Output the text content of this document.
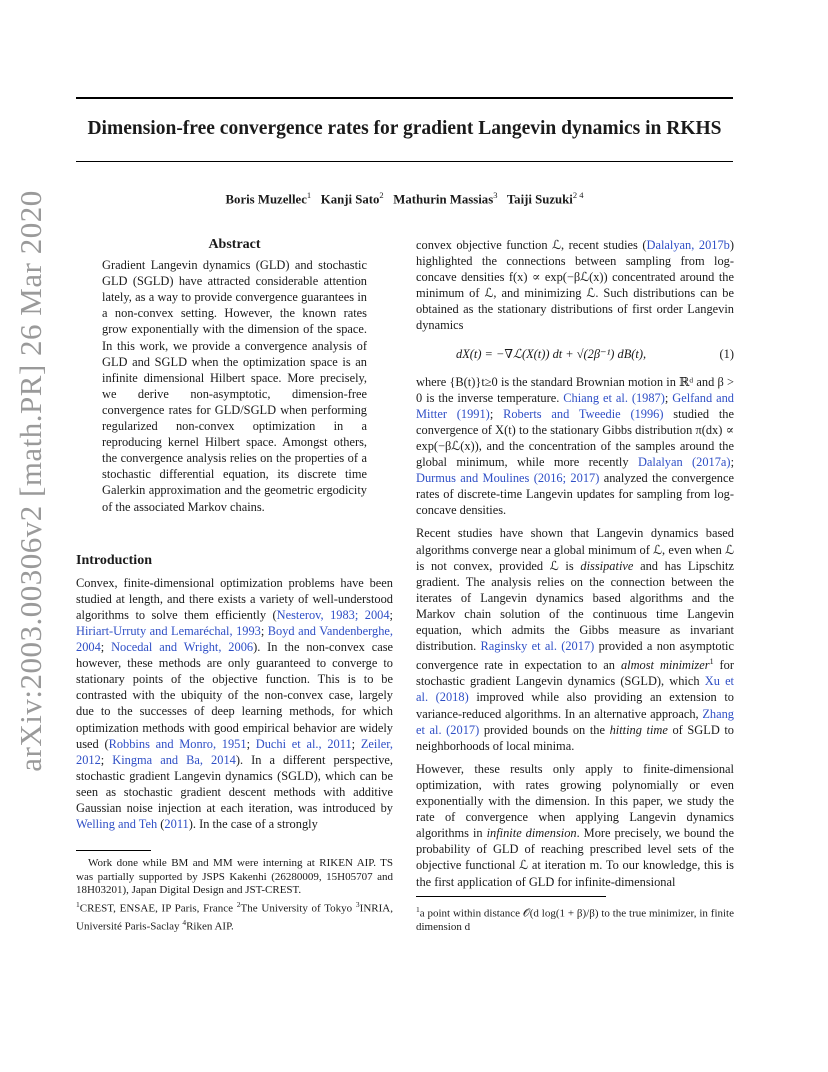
Dimension-free convergence rates for gradient Langevin dynamics in RKHS
Boris Muzellec$^1$ Kanji Sato$^2$ Mathurin Massias$^3$ Taiji Suzuki$^{2 4}$
arXiv:2003.00306v2 [math.PR] 26 Mar 2020	Abstract

Gradient Langevin dynamics (GLD) and stochastic GLD (SGLD) have attracted considerable attention lately, as a way to provide convergence guarantees in a non-convex setting. However, the known rates grow exponentially with the dimension of the space. In this work, we provide a convergence analysis of GLD and SGLD when the optimization space is an infinite dimensional Hilbert space. More precisely, we derive non-asymptotic, dimension-free convergence rates for GLD/SGLD when performing regularized non-convex optimization in a reproducing kernel Hilbert space. Amongst others, the convergence analysis relies on the properties of a stochastic differential equation, its discrete time Galerkin approximation and the geometric ergodicity of the associated Markov chains.

Introduction

Convex, finite-dimensional optimization problems have been studied at length, and there exists a variety of well-understood algorithms to solve them efficiently (Nesterov, 1983; 2004; Hiriart-Urruty and Lemaréchal, 1993; Boyd and Vandenberghe, 2004; Nocedal and Wright, 2006). In the non-convex case however, these methods are only guaranteed to converge to stationary points of the objective function. This is to be contrasted with the ubiquity of the non-convex case, largely due to the successes of deep learning methods, for which optimization methods with good empirical behavior are widely used (Robbins and Monro, 1951; Duchi et al., 2011; Zeiler, 2012; Kingma and Ba, 2014). In a different perspective, stochastic gradient Langevin dynamics (SGLD), which can be seen as stochastic gradient descent methods with additive Gaussian noise injection at each iteration, was introduced by Welling and Teh (2011). In the case of a strongly

Work done while BM and MM were interning at RIKEN AIP. TS was partially supported by JSPS Kakenhi (26280009, 15H05707 and 18H03201), Japan Digital Design and JST-CREST.
$^1$CREST, ENSAE, IP Paris, France $^2$The University of Tokyo $^3$INRIA, Université Paris-Saclay $^4$Riken AIP.

convex objective function ℒ, recent studies (Dalalyan, 2017b) highlighted the connections between sampling from log-concave densities f(x) ∝ exp(−βℒ(x)) concentrated around the minimum of ℒ, and minimizing ℒ. Such distributions can be obtained as the stationary distributions of first order Langevin dynamics

dX(t) = −∇ℒ(X(t)) dt + √(2β⁻¹) dB(t),	(1)

where {B(t)}t≥0 is the standard Brownian motion in ℝᵈ and β > 0 is the inverse temperature. Chiang et al. (1987); Gelfand and Mitter (1991); Roberts and Tweedie (1996) studied the convergence of X(t) to the stationary Gibbs distribution π(dx) ∝ exp(−βℒ(x)), and the concentration of the samples around the global minimum, while more recently Dalalyan (2017a); Durmus and Moulines (2016; 2017) analyzed the convergence rates of discrete-time Langevin updates for sampling from log-concave densities.

Recent studies have shown that Langevin dynamics based algorithms converge near a global minimum of ℒ, even when ℒ is not convex, provided ℒ is dissipative and has Lipschitz gradient. The analysis relies on the connection between the iterates of Langevin dynamics based algorithms and the Markov chain solution of the continuous time Langevin equation, which admits the Gibbs measure as invariant distribution. Raginsky et al. (2017) provided a non asymptotic convergence rate in expectation to an almost minimizer$^1$ for stochastic gradient Langevin dynamics (SGLD), which Xu et al. (2018) improved while also providing an extension to variance-reduced algorithms. In an alternative approach, Zhang et al. (2017) provided bounds on the hitting time of SGLD to neighborhoods of local minima.

However, these results only apply to finite-dimensional optimization, with rates growing polynomially or even exponentially with the dimension. In this paper, we study the rate of convergence when applying Langevin dynamics algorithms in infinite dimension. More precisely, we bound the probability of GLD of reaching prescribed level sets of the objective functional ℒ at iteration m. To our knowledge, this is the first application of GLD for infinite-dimensional

$^1$a point within distance 𝒪(d log(1 + β)/β) to the true minimizer, in finite dimension d
